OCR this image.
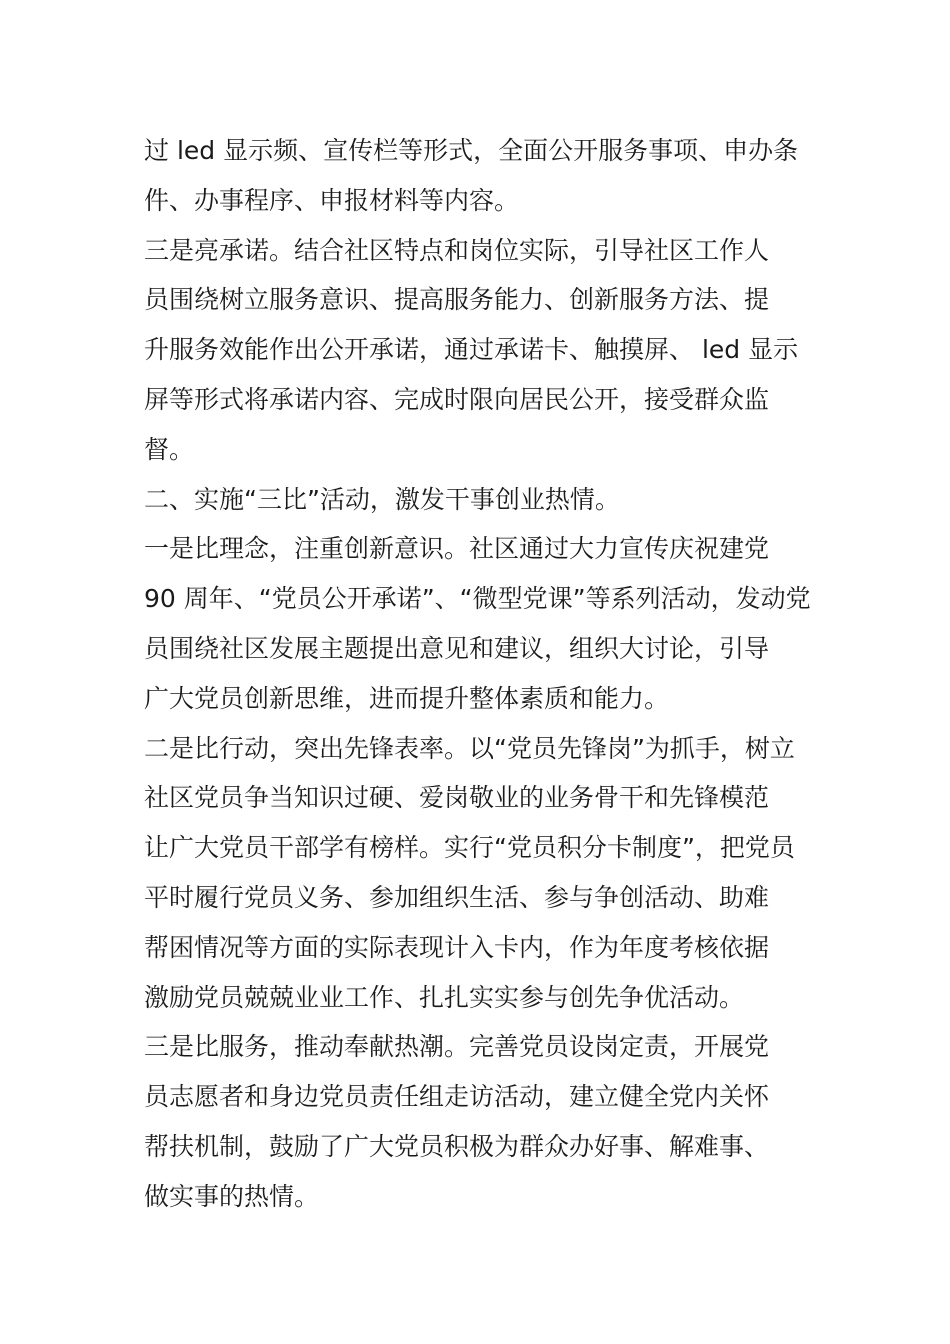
过 led 显示频、宣传栏等形式，全面公开服务事项、申办条
件、办事程序、申报材料等内容。
三是亮承诺。结合社区特点和岗位实际，引导社区工作人
员围绕树立服务意识、提高服务能力、创新服务方法、提
升服务效能作出公开承诺，通过承诺卡、触摸屏、 led 显示
屏等形式将承诺内容、完成时限向居民公开，接受群众监
督。
二、实施“三比”活动，激发干事创业热情。
一是比理念，注重创新意识。社区通过大力宣传庆祝建党
90 周年、“党员公开承诺”、“微型党课”等系列活动，发动党
员围绕社区发展主题提出意见和建议，组织大讨论，引导
广大党员创新思维，进而提升整体素质和能力。
二是比行动，突出先锋表率。以“党员先锋岗”为抓手，树立
社区党员争当知识过硬、爱岗敬业的业务骨干和先锋模范
让广大党员干部学有榜样。实行“党员积分卡制度”，把党员
平时履行党员义务、参加组织生活、参与争创活动、助难
帮困情况等方面的实际表现计入卡内，作为年度考核依据
激励党员兢兢业业工作、扎扎实实参与创先争优活动。
三是比服务，推动奉献热潮。完善党员设岗定责，开展党
员志愿者和身边党员责任组走访活动，建立健全党内关怀
帮扶机制，鼓励了广大党员积极为群众办好事、解难事、
做实事的热情。
